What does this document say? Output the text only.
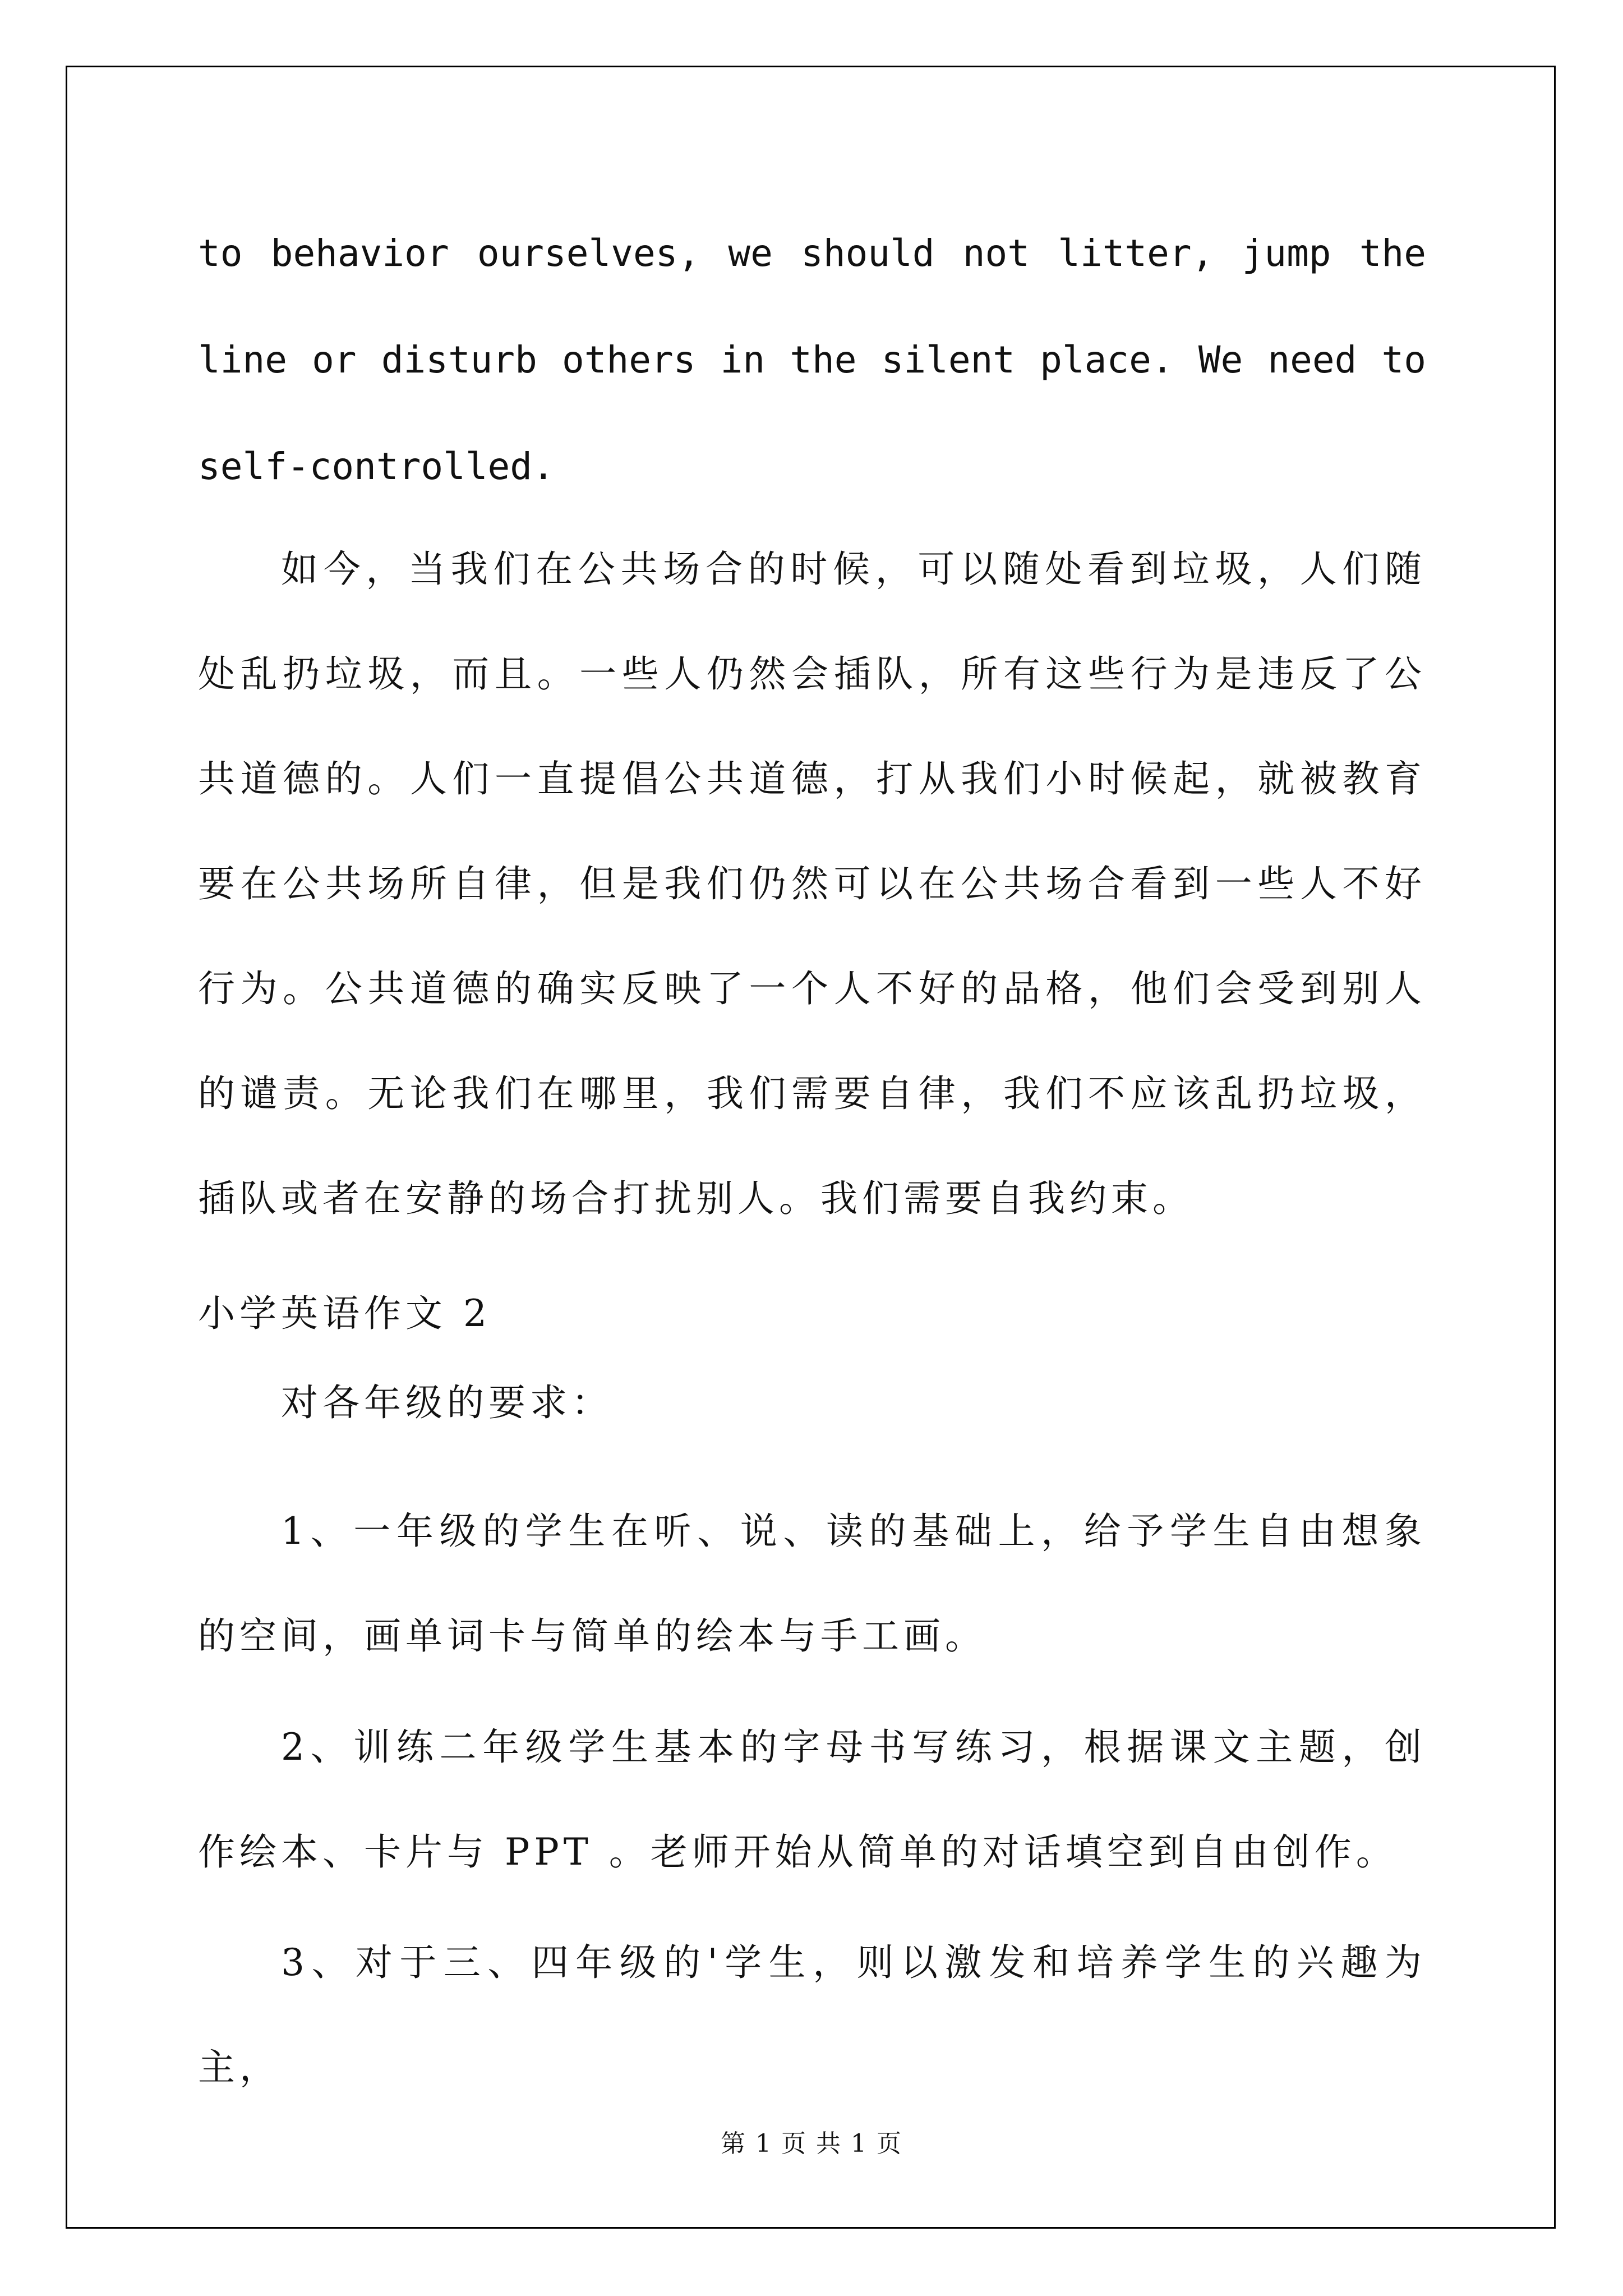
to behavior ourselves, we should not litter, jump the line or disturb others in the silent place. We need to self-controlled.

如今，当我们在公共场合的时候，可以随处看到垃圾，人们随处乱扔垃圾，而且。一些人仍然会插队，所有这些行为是违反了公共道德的。人们一直提倡公共道德，打从我们小时候起，就被教育要在公共场所自律，但是我们仍然可以在公共场合看到一些人不好行为。公共道德的确实反映了一个人不好的品格，他们会受到别人的谴责。无论我们在哪里，我们需要自律，我们不应该乱扔垃圾，插队或者在安静的场合打扰别人。我们需要自我约束。

小学英语作文 2

对各年级的要求：

1、一年级的学生在听、说、读的基础上，给予学生自由想象的空间，画单词卡与简单的绘本与手工画。

2、训练二年级学生基本的字母书写练习，根据课文主题，创作绘本、卡片与 PPT 。老师开始从简单的对话填空到自由创作。

3、对于三、四年级的'学生，则以激发和培养学生的兴趣为主，

第 1 页 共 1 页
